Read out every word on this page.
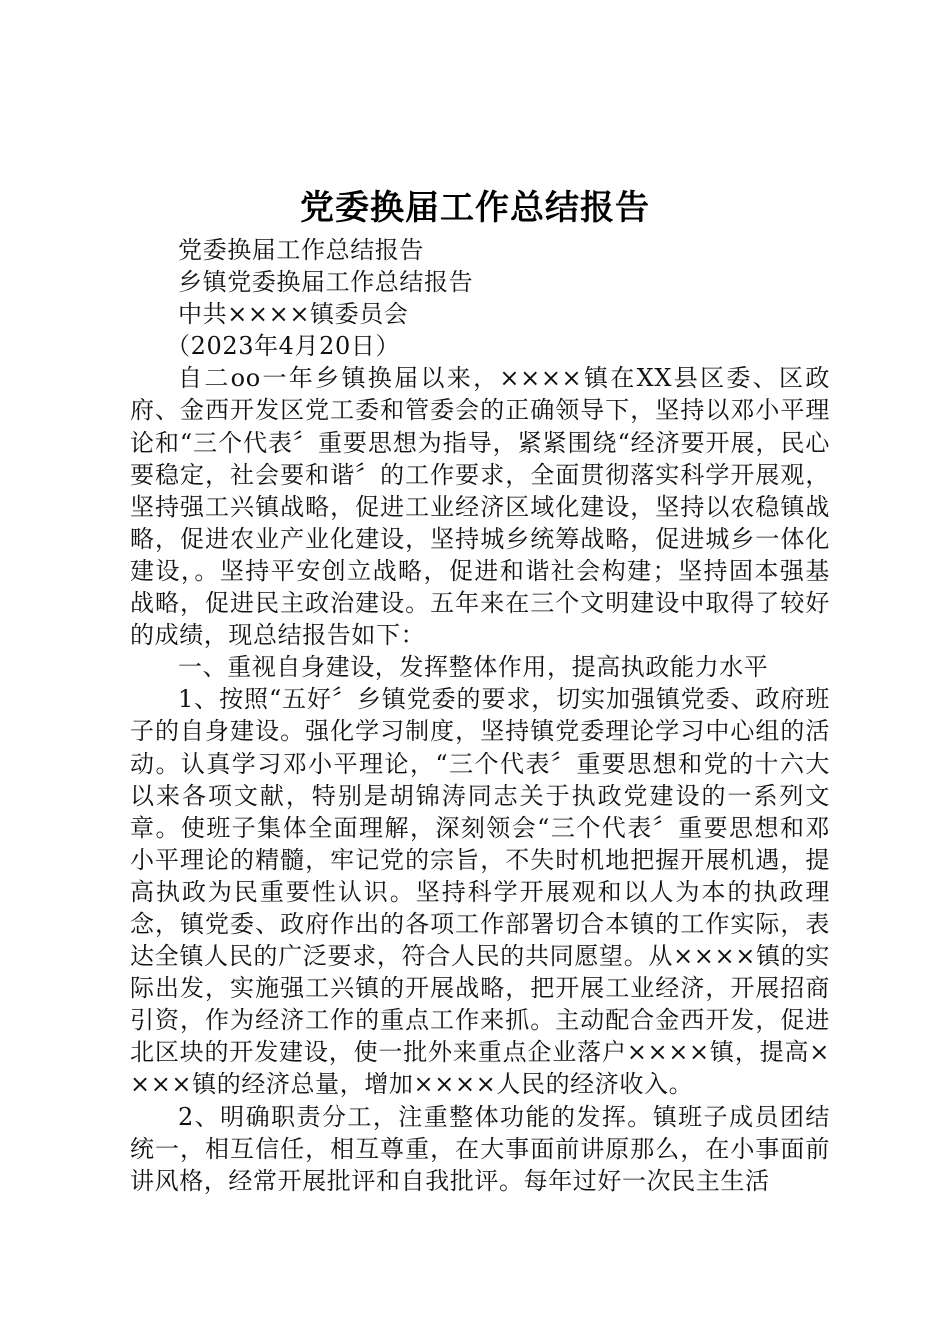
党委换届工作总结报告

党委换届工作总结报告

乡镇党委换届工作总结报告

中共××××镇委员会

（2023年4月20日）

自二oo一年乡镇换届以来，××××镇在XX县区委、区政府、金西开发区党工委和管委会的正确领导下，坚持以邓小平理论和“三个代表〞重要思想为指导，紧紧围绕“经济要开展，民心要稳定，社会要和谐〞的工作要求，全面贯彻落实科学开展观，坚持强工兴镇战略，促进工业经济区域化建设，坚持以农稳镇战略，促进农业产业化建设，坚持城乡统筹战略，促进城乡一体化建设，。坚持平安创立战略，促进和谐社会构建；坚持固本强基战略，促进民主政治建设。五年来在三个文明建设中取得了较好的成绩，现总结报告如下：

一、重视自身建设，发挥整体作用，提高执政能力水平

1、按照“五好〞乡镇党委的要求，切实加强镇党委、政府班子的自身建设。强化学习制度，坚持镇党委理论学习中心组的活动。认真学习邓小平理论，“三个代表〞重要思想和党的十六大以来各项文献，特别是胡锦涛同志关于执政党建设的一系列文章。使班子集体全面理解，深刻领会“三个代表〞重要思想和邓小平理论的精髓，牢记党的宗旨，不失时机地把握开展机遇，提高执政为民重要性认识。坚持科学开展观和以人为本的执政理念，镇党委、政府作出的各项工作部署切合本镇的工作实际，表达全镇人民的广泛要求，符合人民的共同愿望。从××××镇的实际出发，实施强工兴镇的开展战略，把开展工业经济，开展招商引资，作为经济工作的重点工作来抓。主动配合金西开发，促进北区块的开发建设，使一批外来重点企业落户××××镇，提高××××镇的经济总量，增加××××人民的经济收入。

2、明确职责分工，注重整体功能的发挥。镇班子成员团结统一，相互信任，相互尊重，在大事面前讲原那么，在小事面前讲风格，经常开展批评和自我批评。每年过好一次民主生活
